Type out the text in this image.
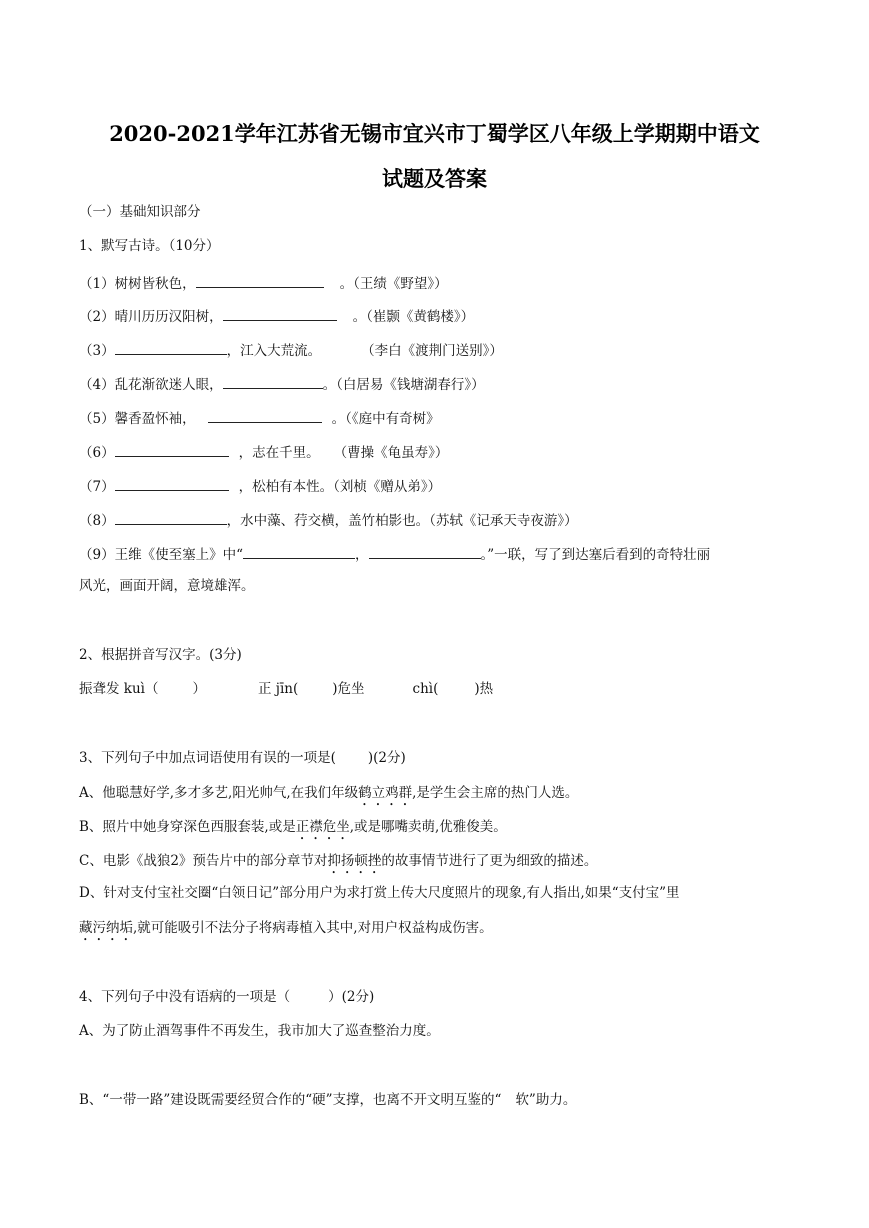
2020-2021学年江苏省无锡市宜兴市丁蜀学区八年级上学期期中语文
试题及答案
（一）基础知识部分
1、默写古诗。（10分）
（1）树树皆秋色，	。（王绩《野望》）
（2）晴川历历汉阳树，	。（崔颢《黄鹤楼》）
（3）	，江入大荒流。	（李白《渡荆门送别》）
（4）乱花渐欲迷人眼，	。（白居易《钱塘湖春行》）
（5）馨香盈怀袖，	。（《庭中有奇树》
（6）	，志在千里。 （曹操《龟虽寿》）
（7）	，松柏有本性。（刘桢《赠从弟》）
（8）	，水中藻、荇交横，盖竹柏影也。（苏轼《记承天寺夜游》）
（9）王维《使至塞上》中“	，	。”一联，写了到达塞后看到的奇特壮丽
风光，画面开阔，意境雄浑。
2、根据拼音写汉字。(3分)
振聋发 kuì（	）	正 jīn(	)危坐	chì(	)热
3、下列句子中加点词语使用有误的一项是( )(2分)
A、他聪慧好学,多才多艺,阳光帅气,在我们年级鹤立鸡群,是学生会主席的热门人选。
B、照片中她身穿深色西服套装,或是正襟危坐,或是哪嘴卖萌,优雅俊美。
C、电影《战狼2》预告片中的部分章节对抑扬顿挫的故事情节进行了更为细致的描述。
D、针对支付宝社交圈“白领日记”部分用户为求打赏上传大尺度照片的现象,有人指出,如果“支付宝”里
藏污纳垢,就可能吸引不法分子将病毒植入其中,对用户权益构成伤害。
4、下列句子中没有语病的一项是（	）(2分)
A、为了防止酒驾事件不再发生，我市加大了巡查整治力度。
B、“一带一路”建设既需要经贸合作的“硬”支撑，也离不开文明互鉴的“ 软”助力。
